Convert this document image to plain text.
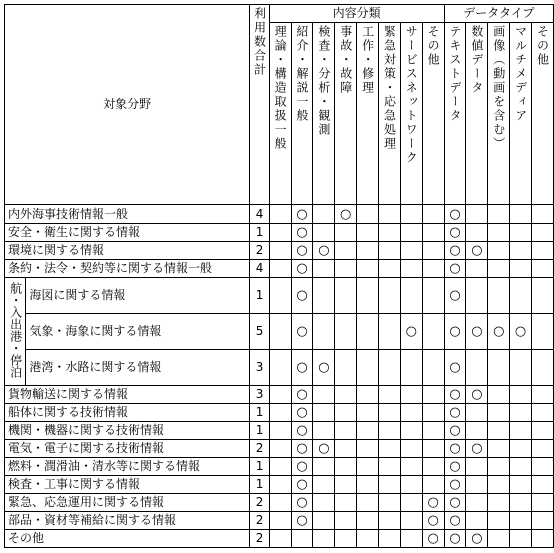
対象分野		利用数合計	内容分類								データタイプ				
			理論・構造取扱一般	紹介・解説一般	検査・分析・観測	事故・故障	工作・修理	緊急対策・応急処理	サービスネットワーク	その他	テキストデータ	数値データ	画像（動画を含む）	マルチメディア	その他
内外海事技術情報一般		4		○		○					○				
安全・衛生に関する情報		1		○							○				
環境に関する情報		2		○	○						○	○			
条約・法令・契約等に関する情報一般		4		○							○				
航・入出港・停泊	海図に関する情報	1		○							○				
	気象・海象に関する情報	5		○					○		○	○	○	○	
	港湾・水路に関する情報	3		○	○						○				
貨物輸送に関する情報		3		○							○	○			
船体に関する技術情報		1		○							○				
機関・機器に関する技術情報		1		○							○				
電気・電子に関する技術情報		2		○	○						○	○			
燃料・潤滑油・清水等に関する情報		1		○							○				
検査・工事に関する情報		1		○							○				
緊急、応急運用に関する情報		2		○						○	○				
部品・資材等補給に関する情報		2		○						○	○				
その他		2								○	○	○			
